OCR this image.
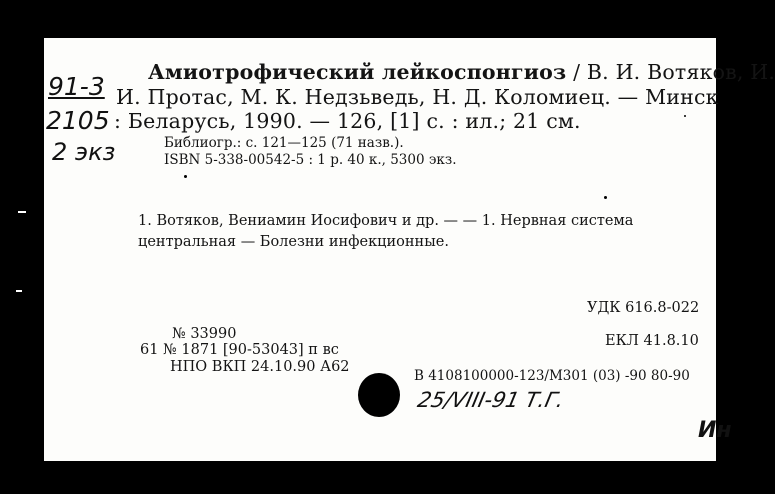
91-3
2105
2 экз
Амиотрофический лейкоспонгиоз / В. И. Вотяков, И.
И. Протас, М. К. Недзьведь, Н. Д. Коломиец. — Минск
: Беларусь, 1990. — 126, [1] с. : ил.; 21 см.
Библиогр.: с. 121—125 (71 назв.).
ISBN 5-338-00542-5 : 1 р. 40 к., 5300 экз.
1. Вотяков, Вениамин Иосифович и др. — — 1. Нервная система
центральная — Болезни инфекционные.
УДК 616.8-022
ЕКЛ 41.8.10
В 4108100000-123/М301 (03) -90 80-90
№ 33990
61 № 1871 [90-53043] п вс
НПО ВКП 24.10.90 А62
25/VIII-91 Т.Г.
Ин
